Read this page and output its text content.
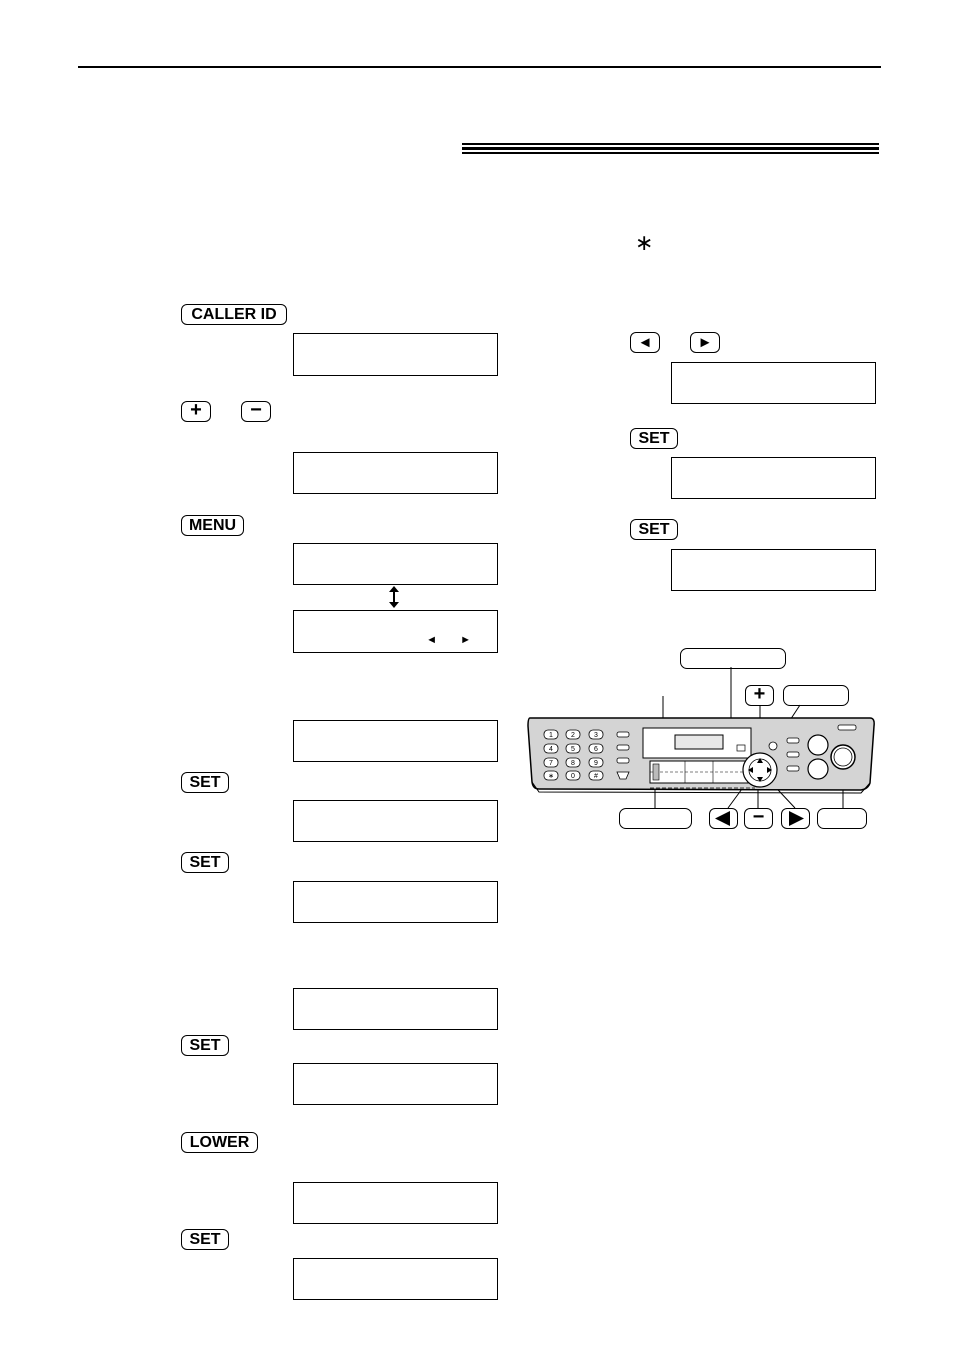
CALLER ID
+	−
MENU
◄ ►
SET
SET
SET
LOWER
SET
∗
◄	►
SET
SET
+
1	2	3
4	5	6
7	8	9
∗ 0	#
−
